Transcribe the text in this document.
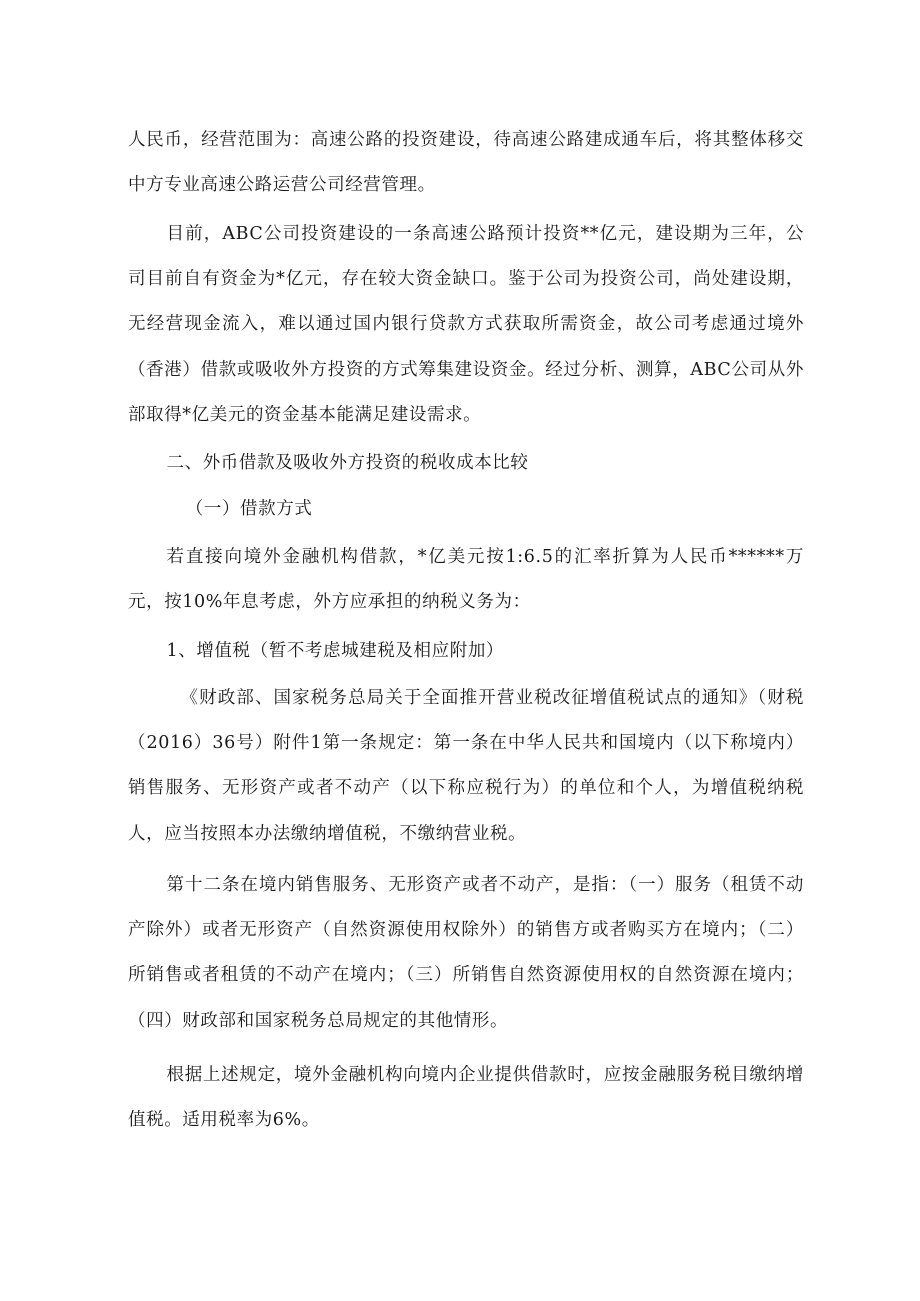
人民币，经营范围为：高速公路的投资建设，待高速公路建成通车后，将其整体移交中方专业高速公路运营公司经营管理。

目前，ABC公司投资建设的一条高速公路预计投资**亿元，建设期为三年，公司目前自有资金为*亿元，存在较大资金缺口。鉴于公司为投资公司，尚处建设期，无经营现金流入，难以通过国内银行贷款方式获取所需资金，故公司考虑通过境外（香港）借款或吸收外方投资的方式筹集建设资金。经过分析、测算，ABC公司从外部取得*亿美元的资金基本能满足建设需求。

二、外币借款及吸收外方投资的税收成本比较

（一）借款方式

若直接向境外金融机构借款，*亿美元按1:6.5的汇率折算为人民币******万元，按10%年息考虑，外方应承担的纳税义务为：

1、增值税（暂不考虑城建税及相应附加）

《财政部、国家税务总局关于全面推开营业税改征增值税试点的通知》（财税（2016）36号）附件1第一条规定：第一条在中华人民共和国境内（以下称境内）销售服务、无形资产或者不动产（以下称应税行为）的单位和个人，为增值税纳税人，应当按照本办法缴纳增值税，不缴纳营业税。

第十二条在境内销售服务、无形资产或者不动产，是指：（一）服务（租赁不动产除外）或者无形资产（自然资源使用权除外）的销售方或者购买方在境内；（二）所销售或者租赁的不动产在境内；（三）所销售自然资源使用权的自然资源在境内；（四）财政部和国家税务总局规定的其他情形。

根据上述规定，境外金融机构向境内企业提供借款时，应按金融服务税目缴纳增值税。适用税率为6%。
